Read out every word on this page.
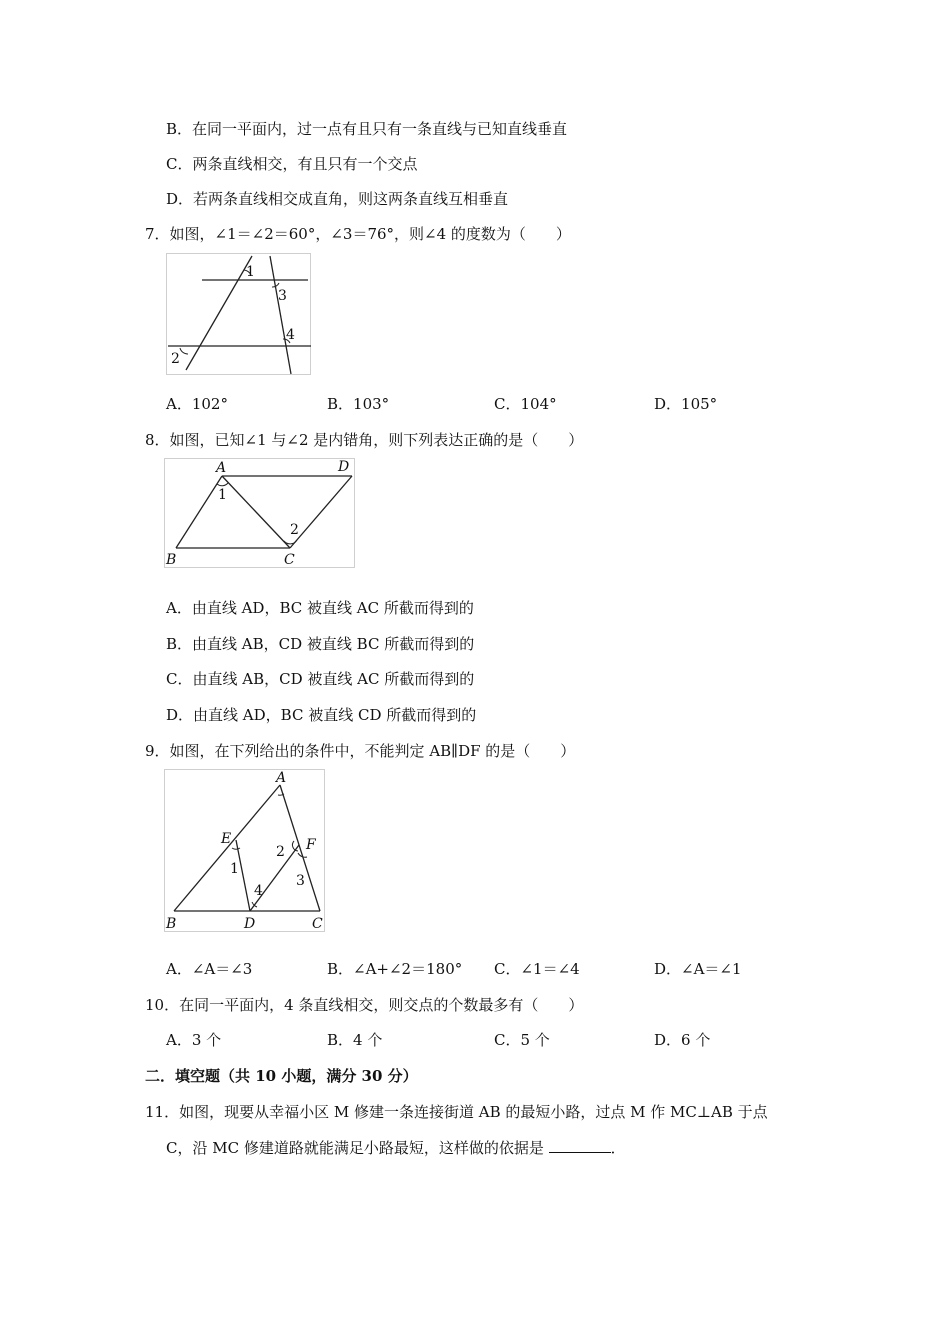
B．在同一平面内，过一点有且只有一条直线与已知直线垂直
C．两条直线相交，有且只有一个交点
D．若两条直线相交成直角，则这两条直线互相垂直
7．如图，∠1＝∠2＝60°，∠3＝76°，则∠4 的度数为（　　）
1
3
4
2
A．102°	B．103°	C．104°	D．105°
8．如图，已知∠1 与∠2 是内错角，则下列表达正确的是（　　）
A	D
B	C
1
2
A．由直线 AD，BC 被直线 AC 所截而得到的
B．由直线 AB，CD 被直线 BC 所截而得到的
C．由直线 AB，CD 被直线 AC 所截而得到的
D．由直线 AD，BC 被直线 CD 所截而得到的
9．如图，在下列给出的条件中，不能判定 AB∥DF 的是（　　）
A
E	F
B	D	C
1
2
3
4
A．∠A＝∠3	B．∠A+∠2＝180° C．∠1＝∠4	D．∠A＝∠1
10．在同一平面内，4 条直线相交，则交点的个数最多有（　　）
A．3 个	B．4 个	C．5 个	D．6 个
二．填空题（共 10 小题，满分 30 分）
11．如图，现要从幸福小区 M 修建一条连接街道 AB 的最短小路，过点 M 作 MC⊥AB 于点
C，沿 MC 修建道路就能满足小路最短，这样做的依据是	．
